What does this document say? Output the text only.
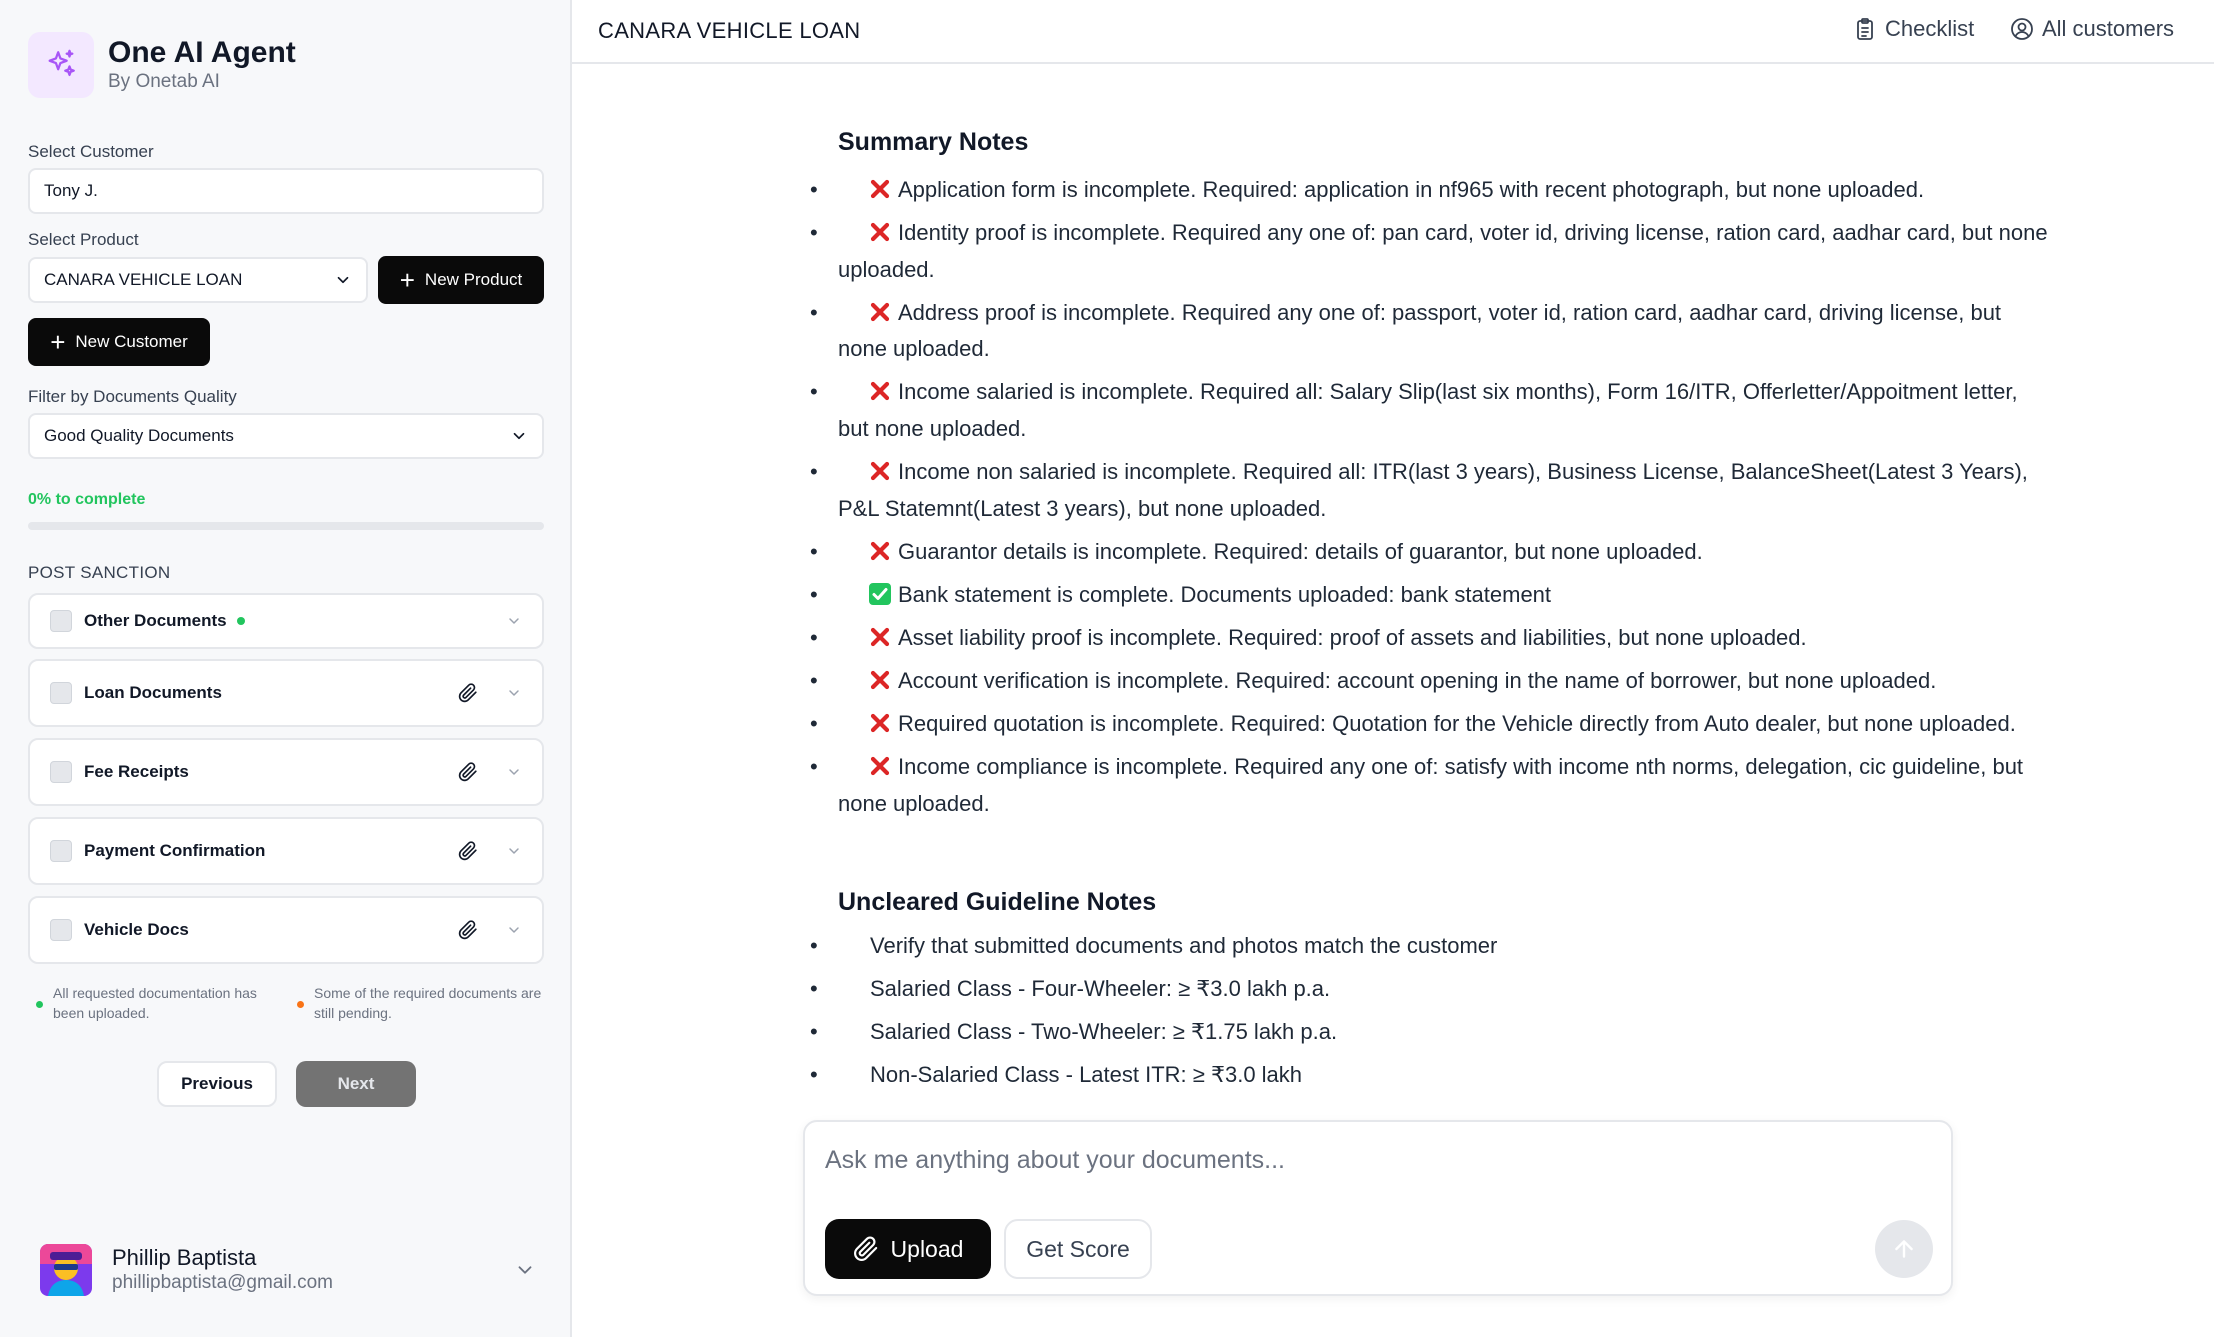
One AI Agent
By Onetab AI
Select Customer
Tony J.
Select Product
CANARA VEHICLE LOAN	+ New Product
+ New Customer
Filter by Documents Quality
Good Quality Documents
0% to complete
POST SANCTION
Other Documents
Loan Documents
Fee Receipts
Payment Confirmation
Vehicle Docs
All requested documentation has been uploaded.
Some of the required documents are still pending.
Previous	Next
Phillip Baptista
phillipbaptista@gmail.com
CANARA VEHICLE LOAN	Checklist	All customers
Summary Notes
• Application form is incomplete. Required: application in nf965 with recent photograph, but none uploaded.
• Identity proof is incomplete. Required any one of: pan card, voter id, driving license, ration card, aadhar card, but none uploaded.
• Address proof is incomplete. Required any one of: passport, voter id, ration card, aadhar card, driving license, but none uploaded.
• Income salaried is incomplete. Required all: Salary Slip(last six months), Form 16/ITR, Offerletter/Appoitment letter, but none uploaded.
• Income non salaried is incomplete. Required all: ITR(last 3 years), Business License, BalanceSheet(Latest 3 Years), P&L Statemnt(Latest 3 years), but none uploaded.
• Guarantor details is incomplete. Required: details of guarantor, but none uploaded.
• Bank statement is complete. Documents uploaded: bank statement
• Asset liability proof is incomplete. Required: proof of assets and liabilities, but none uploaded.
• Account verification is incomplete. Required: account opening in the name of borrower, but none uploaded.
• Required quotation is incomplete. Required: Quotation for the Vehicle directly from Auto dealer, but none uploaded.
• Income compliance is incomplete. Required any one of: satisfy with income nth norms, delegation, cic guideline, but none uploaded.
Uncleared Guideline Notes
• Verify that submitted documents and photos match the customer
• Salaried Class - Four-Wheeler: ≥ ₹3.0 lakh p.a.
• Salaried Class - Two-Wheeler: ≥ ₹1.75 lakh p.a.
• Non-Salaried Class - Latest ITR: ≥ ₹3.0 lakh
Ask me anything about your documents...
Upload	Get Score
